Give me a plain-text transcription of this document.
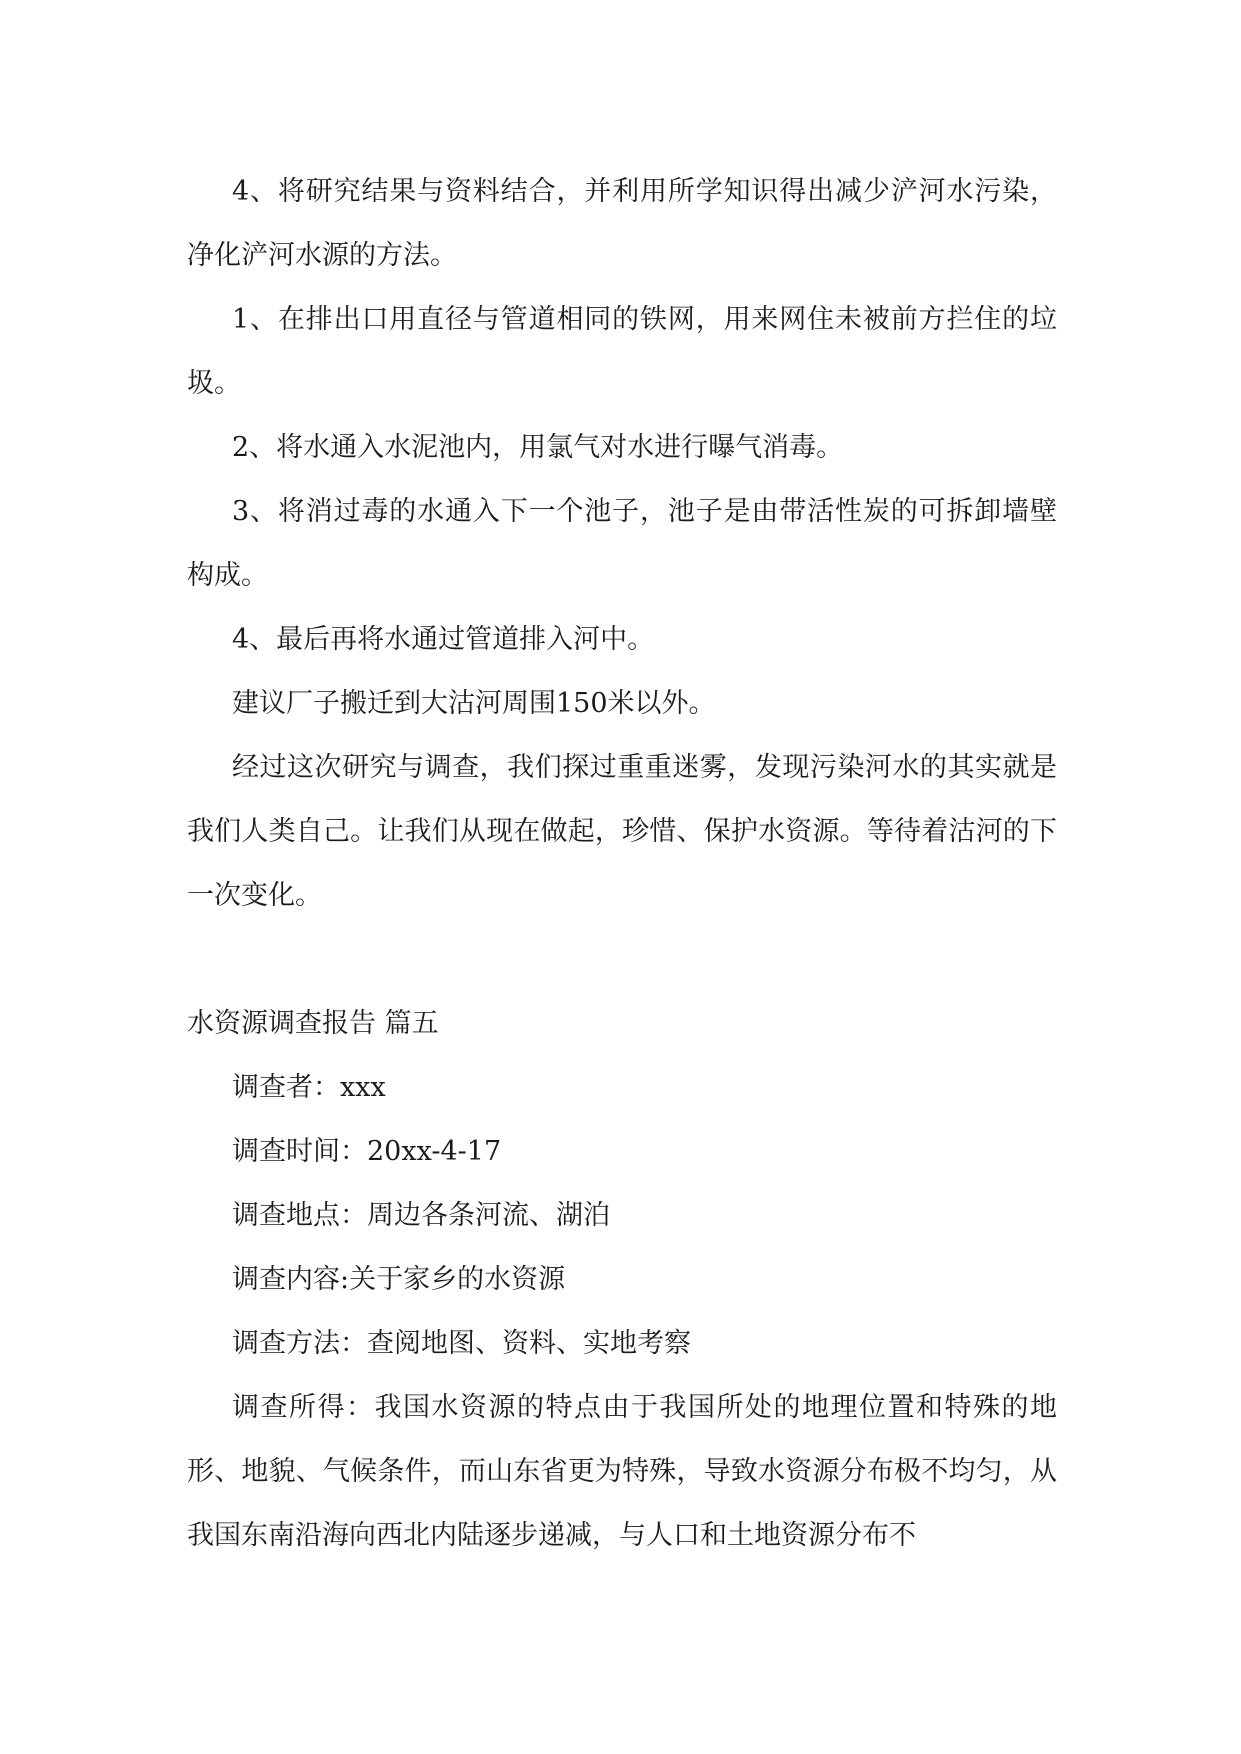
4、将研究结果与资料结合，并利用所学知识得出减少浐河水污染，净化浐河水源的方法。

1、在排出口用直径与管道相同的铁网，用来网住未被前方拦住的垃圾。

2、将水通入水泥池内，用氯气对水进行曝气消毒。

3、将消过毒的水通入下一个池子，池子是由带活性炭的可拆卸墙壁构成。

4、最后再将水通过管道排入河中。

建议厂子搬迁到大沽河周围150米以外。

经过这次研究与调查，我们探过重重迷雾，发现污染河水的其实就是我们人类自己。让我们从现在做起，珍惜、保护水资源。等待着沽河的下一次变化。

水资源调查报告 篇五

调查者：xxx

调查时间：20xx-4-17

调查地点：周边各条河流、湖泊

调查内容:关于家乡的水资源

调查方法：查阅地图、资料、实地考察

调查所得：我国水资源的特点由于我国所处的地理位置和特殊的地形、地貌、气候条件，而山东省更为特殊，导致水资源分布极不均匀，从我国东南沿海向西北内陆逐步递减，与人口和土地资源分布不
